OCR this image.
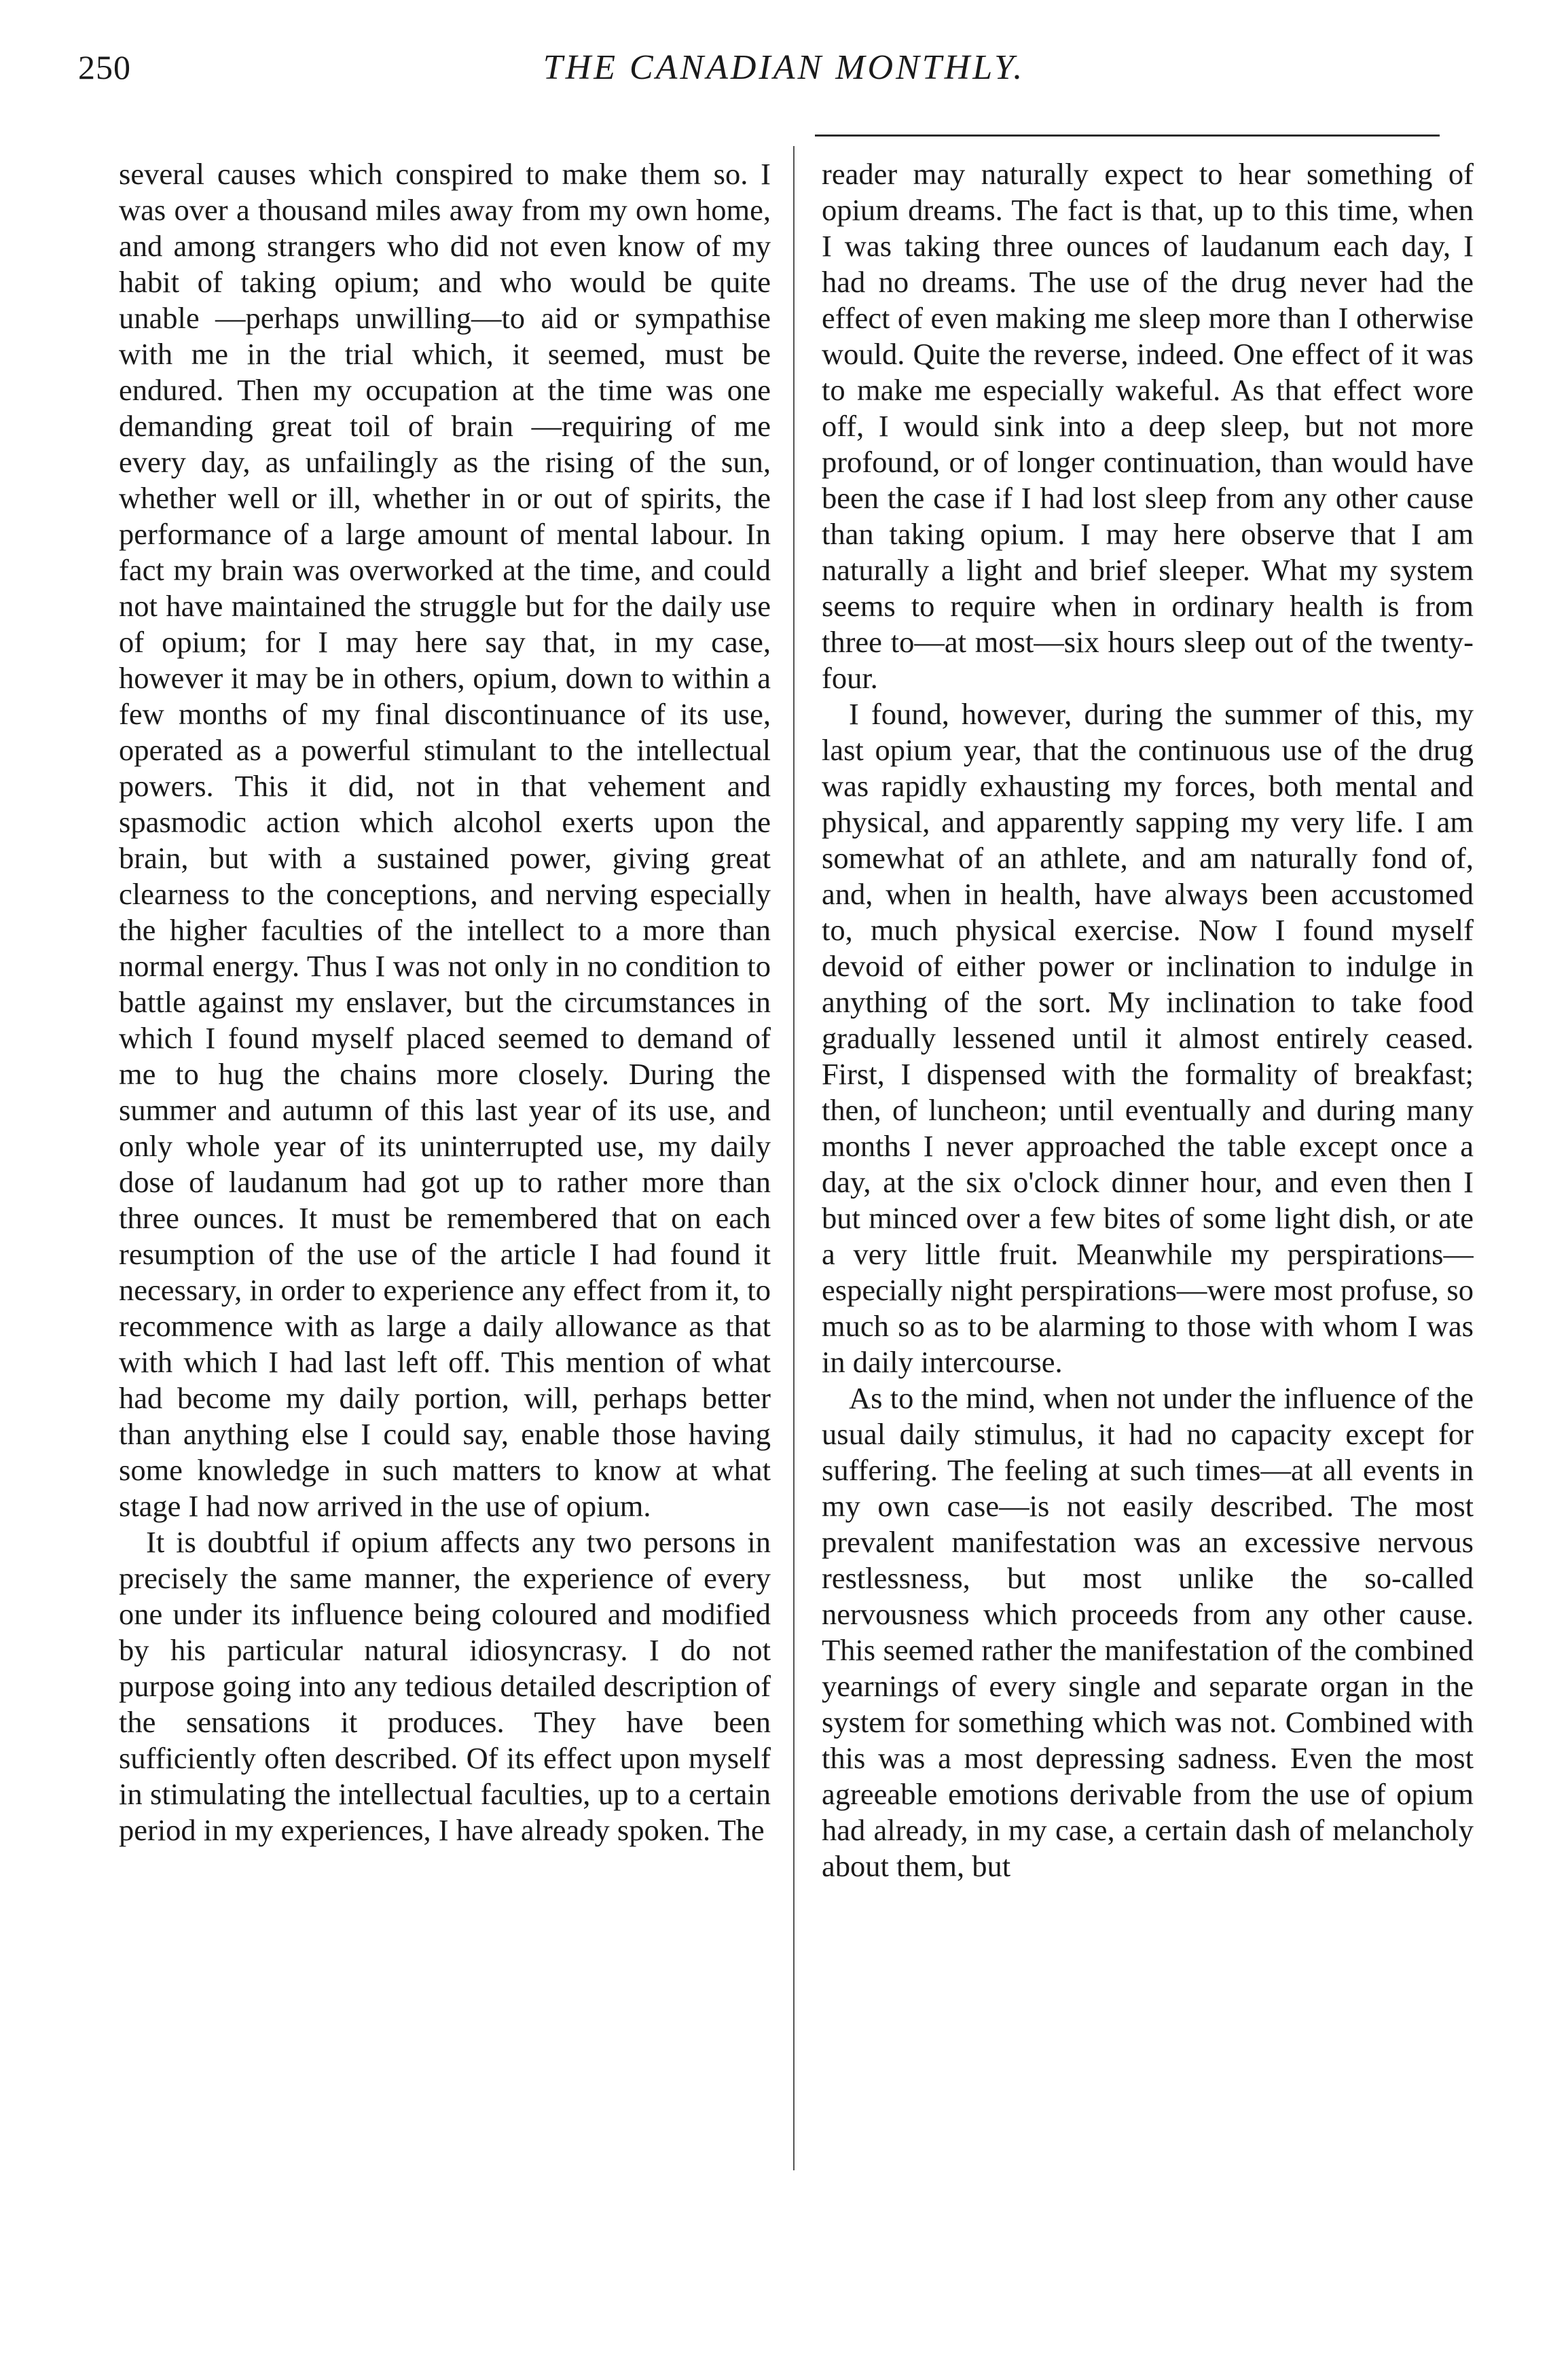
250	THE CANADIAN MONTHLY.

several causes which conspired to make them so. I was over a thousand miles away from my own home, and among strangers who did not even know of my habit of taking opium; and who would be quite unable —perhaps unwilling—to aid or sympathise with me in the trial which, it seemed, must be endured. Then my occupation at the time was one demanding great toil of brain —requiring of me every day, as unfailingly as the rising of the sun, whether well or ill, whether in or out of spirits, the performance of a large amount of mental labour. In fact my brain was overworked at the time, and could not have maintained the struggle but for the daily use of opium; for I may here say that, in my case, however it may be in others, opium, down to within a few months of my final discontinuance of its use, operated as a powerful stimulant to the intellectual powers. This it did, not in that vehement and spasmodic action which alcohol exerts upon the brain, but with a sustained power, giving great clearness to the conceptions, and nerving especially the higher faculties of the intellect to a more than normal energy. Thus I was not only in no condition to battle against my enslaver, but the circumstances in which I found myself placed seemed to demand of me to hug the chains more closely. During the summer and autumn of this last year of its use, and only whole year of its uninterrupted use, my daily dose of laudanum had got up to rather more than three ounces. It must be remembered that on each resumption of the use of the article I had found it necessary, in order to experience any effect from it, to recommence with as large a daily allowance as that with which I had last left off. This mention of what had become my daily portion, will, perhaps better than anything else I could say, enable those having some knowledge in such matters to know at what stage I had now arrived in the use of opium.

It is doubtful if opium affects any two persons in precisely the same manner, the experience of every one under its influence being coloured and modified by his particular natural idiosyncrasy. I do not purpose going into any tedious detailed description of the sensations it produces. They have been sufficiently often described. Of its effect upon myself in stimulating the intellectual faculties, up to a certain period in my experiences, I have already spoken. The

reader may naturally expect to hear something of opium dreams. The fact is that, up to this time, when I was taking three ounces of laudanum each day, I had no dreams. The use of the drug never had the effect of even making me sleep more than I otherwise would. Quite the reverse, indeed. One effect of it was to make me especially wakeful. As that effect wore off, I would sink into a deep sleep, but not more profound, or of longer continuation, than would have been the case if I had lost sleep from any other cause than taking opium. I may here observe that I am naturally a light and brief sleeper. What my system seems to require when in ordinary health is from three to—at most—six hours sleep out of the twenty-four.

I found, however, during the summer of this, my last opium year, that the continuous use of the drug was rapidly exhausting my forces, both mental and physical, and apparently sapping my very life. I am somewhat of an athlete, and am naturally fond of, and, when in health, have always been accustomed to, much physical exercise. Now I found myself devoid of either power or inclination to indulge in anything of the sort. My inclination to take food gradually lessened until it almost entirely ceased. First, I dispensed with the formality of breakfast; then, of luncheon; until eventually and during many months I never approached the table except once a day, at the six o'clock dinner hour, and even then I but minced over a few bites of some light dish, or ate a very little fruit. Meanwhile my perspirations—especially night perspirations—were most profuse, so much so as to be alarming to those with whom I was in daily intercourse.

As to the mind, when not under the influence of the usual daily stimulus, it had no capacity except for suffering. The feeling at such times—at all events in my own case—is not easily described. The most prevalent manifestation was an excessive nervous restlessness, but most unlike the so-called nervousness which proceeds from any other cause. This seemed rather the manifestation of the combined yearnings of every single and separate organ in the system for something which was not. Combined with this was a most depressing sadness. Even the most agreeable emotions derivable from the use of opium had already, in my case, a certain dash of melancholy about them, but
